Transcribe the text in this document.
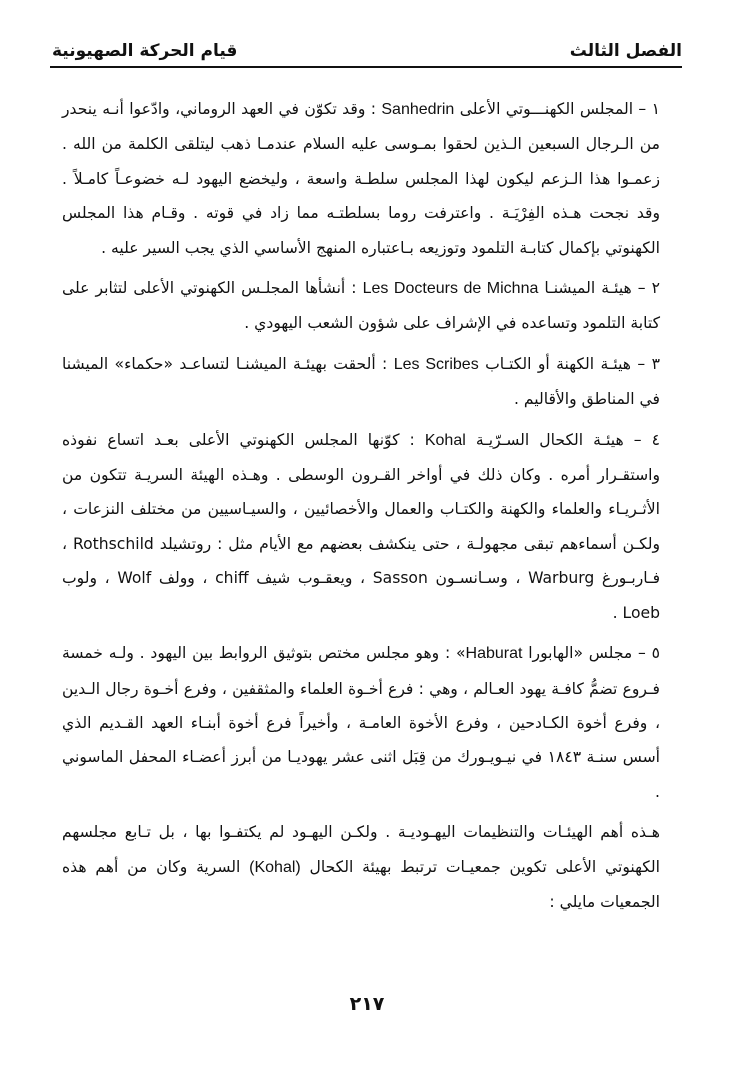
الفصل الثالث
قيام الحركة الصهيونية

١ – المجلس الكهنـــوتي الأعلى Sanhedrin : وقد تكوّن في العهد الروماني، وادّعوا أنـه ينحدر من الـرجال السبعين الـذين لحقوا بمـوسى عليه السلام عندمـا ذهب ليتلقى الكلمة من الله . زعمـوا هذا الـزعم ليكون لهذا المجلس سلطـة واسعة ، وليخضع اليهود لـه خضوعـاً كامـلاً . وقد نجحت هـذه الفِرْيَـة . واعترفت روما بسلطتـه مما زاد في قوته . وقـام هذا المجلس الكهنوتي بإكمال كتابـة التلمود وتوزيعه بـاعتباره المنهج الأساسي الذي يجب السير عليه .

٢ – هيئـة الميشنـا Les Docteurs de Michna : أنشأها المجلـس الكهنوتي الأعلى لتثابر على كتابة التلمود وتساعده في الإشراف على شؤون الشعب اليهودي .

٣ – هيئـة الكهنة أو الكتـاب Les Scribes : ألحقت بهيئـة الميشنـا لتساعـد «حكماء» الميشنا في المناطق والأقاليم .

٤ – هيئـة الكحال السـرّيـة Kohal : كوّنها المجلس الكهنوتي الأعلى بعـد اتساع نفوذه واستقـرار أمره . وكان ذلك في أواخر القـرون الوسطى . وهـذه الهيئة السريـة تتكون من الأثـريـاء والعلماء والكهنة والكتـاب والعمال والأخصائيين ، والسيـاسيين من مختلف النزعات ، ولكـن أسماءهم تبقى مجهولـة ، حتى ينكشف بعضهم مع الأيام مثل : روتشيلد Rothschild ، فـاربـورغ Warburg ، وسـانسـون Sasson ، ويعقـوب شيف chiff ، وولف Wolf ، ولوب Loeb .

٥ – مجلس «الهابورا Haburat» : وهو مجلس مختص بتوثيق الروابط بين اليهود . ولـه خمسة فـروع تضمُّ كافـة يهود العـالم ، وهي : فرع أخـوة العلماء والمثقفين ، وفرع أخـوة رجال الـدين ، وفرع أخوة الكـادحين ، وفرع الأخوة العامـة ، وأخيراً فرع أخوة أبنـاء العهد القـديم الذي أسس سنـة ١٨٤٣ في نيـويـورك من قِبَل اثنى عشر يهوديـا من أبرز أعضـاء المحفل الماسوني .

هـذه أهم الهيئـات والتنظيمات اليهـوديـة . ولكـن اليهـود لم يكتفـوا بها ، بل تـابع مجلسهم الكهنوتي الأعلى تكوين جمعيـات ترتبط بهيئة الكحال (Kohal) السرية وكان من أهم هذه الجمعيات مايلي :

٢١٧
